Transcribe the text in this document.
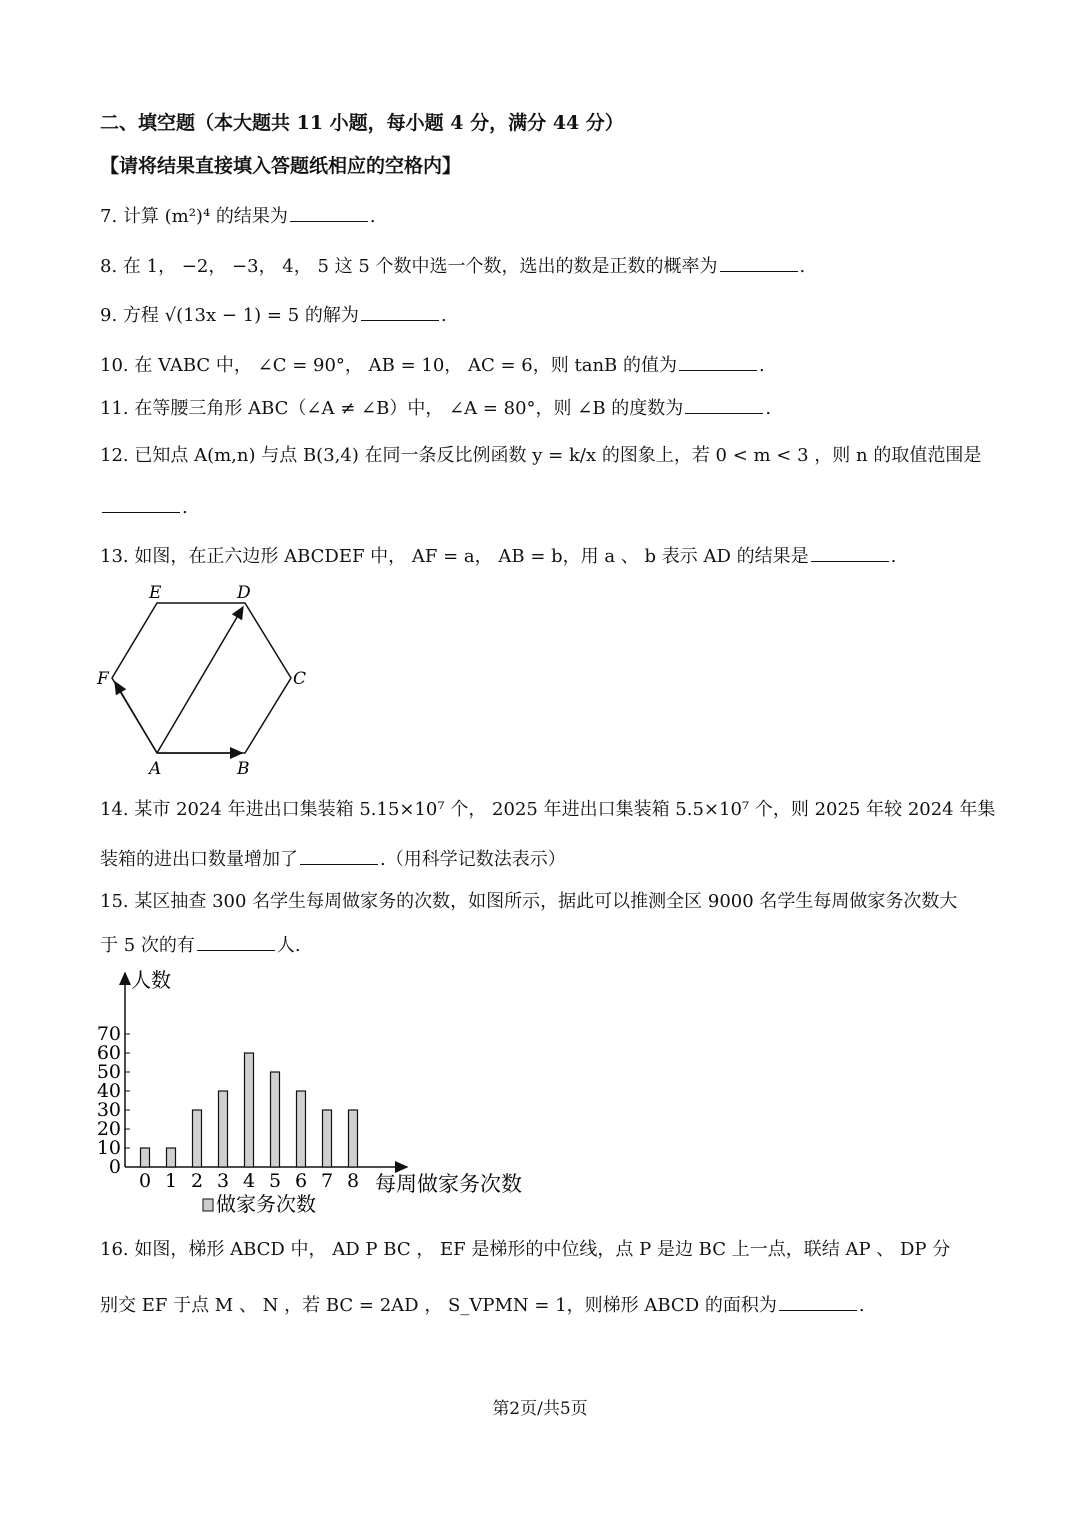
二、填空题（本大题共 11 小题，每小题 4 分，满分 44 分）
【请将结果直接填入答题纸相应的空格内】
7. 计算 (m²)⁴ 的结果为	.
8. 在 1， −2， −3， 4， 5 这 5 个数中选一个数，选出的数是正数的概率为	.
9. 方程 √(13x − 1) = 5 的解为	.
10. 在 VABC 中， ∠C = 90°， AB = 10， AC = 6，则 tanB 的值为	.
11. 在等腰三角形 ABC（∠A ≠ ∠B）中， ∠A = 80°，则 ∠B 的度数为	.
12. 已知点 A(m,n) 与点 B(3,4) 在同一条反比例函数 y = k/x 的图象上，若 0 < m < 3 ，则 n 的取值范围是
.
13. 如图，在正六边形 ABCDEF 中， AF = a， AB = b，用 a 、 b 表示 AD 的结果是	.
A	B
C
D
E
F
14. 某市 2024 年进出口集装箱 5.15×10⁷ 个， 2025 年进出口集装箱 5.5×10⁷ 个，则 2025 年较 2024 年集
装箱的进出口数量增加了	.（用科学记数法表示）
15. 某区抽查 300 名学生每周做家务的次数，如图所示，据此可以推测全区 9000 名学生每周做家务次数大
于 5 次的有	人.
人数
每周做家务次数
做家务次数
0
10
20
30
40
50
60
70
0 1 2 3 4 5 6 7 8
16. 如图，梯形 ABCD 中， AD P BC ， EF 是梯形的中位线，点 P 是边 BC 上一点，联结 AP 、 DP 分
别交 EF 于点 M 、 N ，若 BC = 2AD ， S_VPMN = 1，则梯形 ABCD 的面积为	.
第2页/共5页
